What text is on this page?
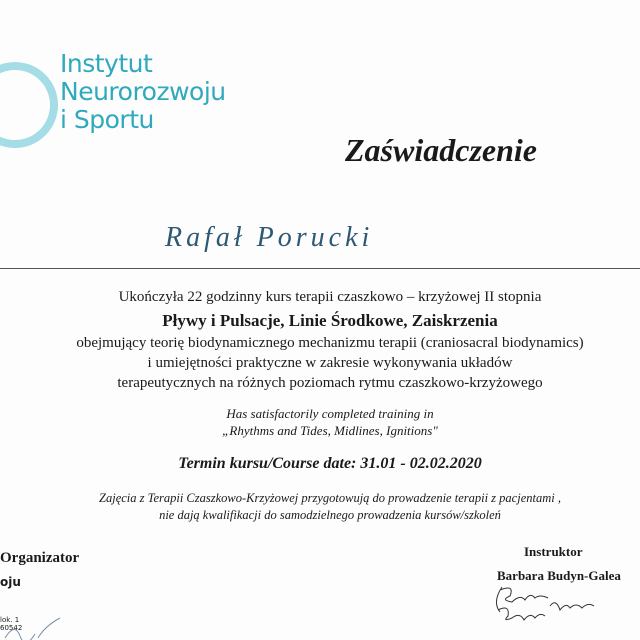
Instytut
Neurorozwoju
i Sportu
Zaświadczenie
Rafał Porucki
Ukończyła 22 godzinny kurs terapii czaszkowo – krzyżowej II stopnia
Pływy i Pulsacje, Linie Środkowe, Zaiskrzenia
obejmujący teorię biodynamicznego mechanizmu terapii (craniosacral biodynamics)
i umiejętności praktyczne w zakresie wykonywania układów
terapeutycznych na różnych poziomach rytmu czaszkowo-krzyżowego
Has satisfactorily completed training in
„Rhythms and Tides, Midlines, Ignitions"
Termin kursu/Course date: 31.01 - 02.02.2020
Zajęcia z Terapii Czaszkowo-Krzyżowej przygotowują do prowadzenie terapii z pacjentami ,
nie dają kwalifikacji do samodzielnego prowadzenia kursów/szkoleń
Organizator
oju
lok. 1
60542
Instruktor
Barbara Budyn-Galea
